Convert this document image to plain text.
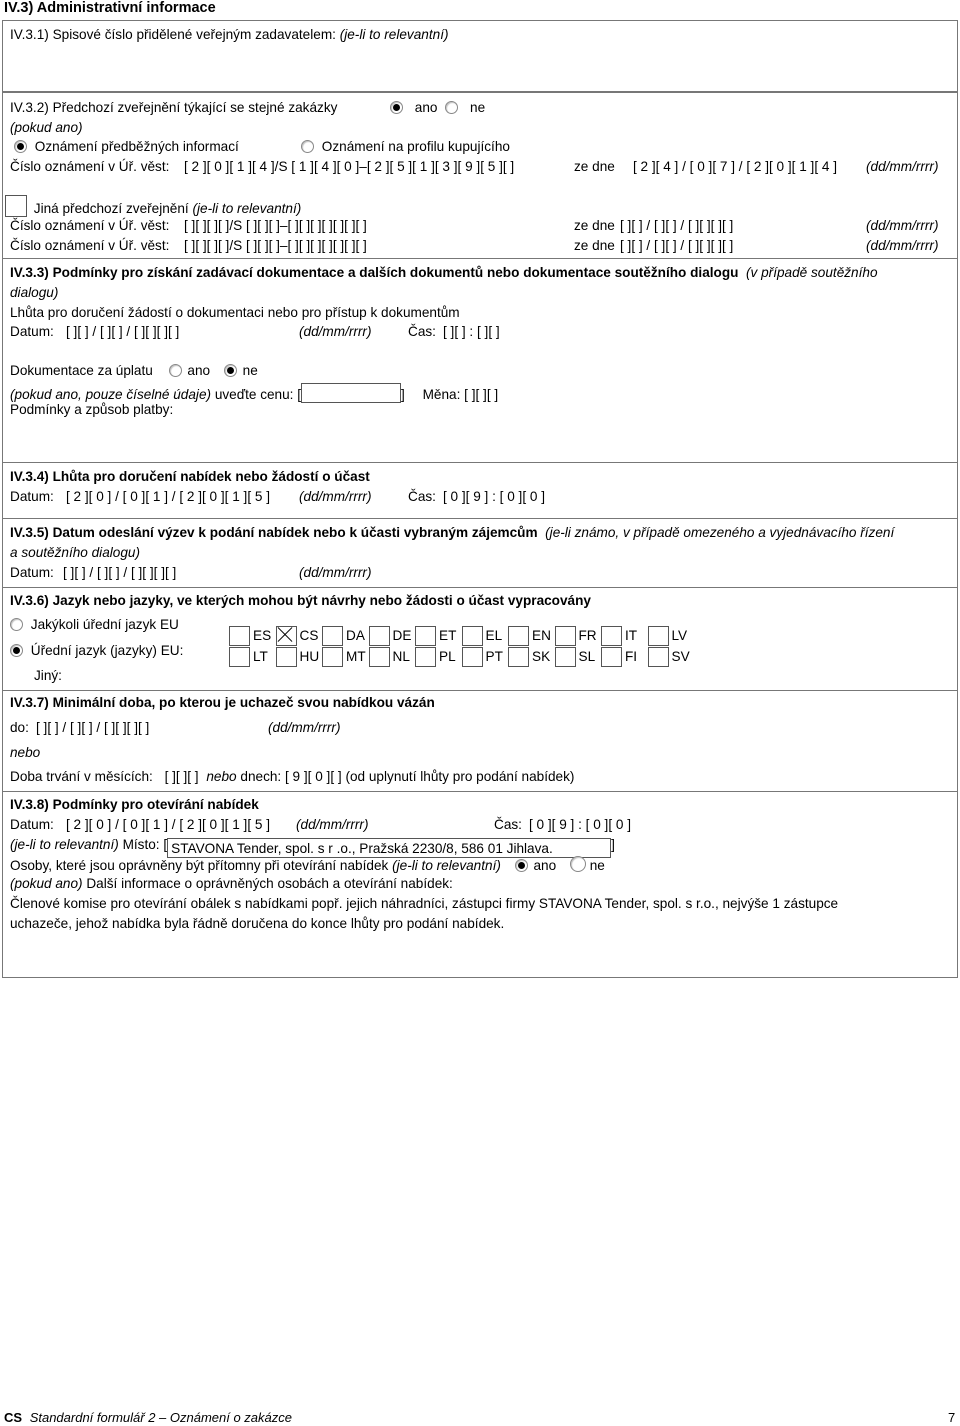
IV.3) Administrativní informace
IV.3.1) Spisové číslo přidělené veřejným zadavatelem: (je-li to relevantní)
IV.3.2) Předchozí zveřejnění týkající se stejné zakázky	ano ne
(pokud ano)
Oznámení předběžných informací	Oznámení na profilu kupujícího
Číslo oznámení v Úř. věst: [ 2 ][ 0 ][ 1 ][ 4 ]/S [ 1 ][ 4 ][ 0 ]–[ 2 ][ 5 ][ 1 ][ 3 ][ 9 ][ 5 ][ ]	ze dne [ 2 ][ 4 ] / [ 0 ][ 7 ] / [ 2 ][ 0 ][ 1 ][ 4 ] (dd/mm/rrrr)
Jiná předchozí zveřejnění (je-li to relevantní)
Číslo oznámení v Úř. věst: [ ][ ][ ][ ]/S [ ][ ][ ]–[ ][ ][ ][ ][ ][ ][ ]	ze dne [ ][ ] / [ ][ ] / [ ][ ][ ][ ]	(dd/mm/rrrr)
Číslo oznámení v Úř. věst: [ ][ ][ ][ ]/S [ ][ ][ ]–[ ][ ][ ][ ][ ][ ][ ]	ze dne [ ][ ] / [ ][ ] / [ ][ ][ ][ ]	(dd/mm/rrrr)
IV.3.3) Podmínky pro získání zadávací dokumentace a dalších dokumentů nebo dokumentace soutěžního dialogu (v případě soutěžního
dialogu)
Lhůta pro doručení žádostí o dokumentaci nebo pro přístup k dokumentům
Datum: [ ][ ] / [ ][ ] / [ ][ ][ ][ ]	(dd/mm/rrrr)	Čas: [ ][ ] : [ ][ ]
Dokumentace za úplatu	ano ne
(pokud ano, pouze číselné údaje) uveďte cenu: [	] Měna: [ ][ ][ ]
Podmínky a způsob platby:
IV.3.4) Lhůta pro doručení nabídek nebo žádostí o účast
Datum: [ 2 ][ 0 ] / [ 0 ][ 1 ] / [ 2 ][ 0 ][ 1 ][ 5 ] (dd/mm/rrrr)	Čas: [ 0 ][ 9 ] : [ 0 ][ 0 ]
IV.3.5) Datum odeslání výzev k podání nabídek nebo k účasti vybraným zájemcům (je-li známo, v případě omezeného a vyjednávacího řízení
a soutěžního dialogu)
Datum: [ ][ ] / [ ][ ] / [ ][ ][ ][ ]	(dd/mm/rrrr)
IV.3.6) Jazyk nebo jazyky, ve kterých mohou být návrhy nebo žádosti o účast vypracovány
Jakýkoli úřední jazyk EU
Úřední jazyk (jazyky) EU:
Jiný:
ES CS DA DE ET EL EN FR IT	LV
LT HU MT NL PL PT SK SL FI	SV
IV.3.7) Minimální doba, po kterou je uchazeč svou nabídkou vázán
do: [ ][ ] / [ ][ ] / [ ][ ][ ][ ]	(dd/mm/rrrr)
nebo
Doba trvání v měsících: [ ][ ][ ] nebo dnech: [ 9 ][ 0 ][ ] (od uplynutí lhůty pro podání nabídek)
IV.3.8) Podmínky pro otevírání nabídek
Datum: [ 2 ][ 0 ] / [ 0 ][ 1 ] / [ 2 ][ 0 ][ 1 ][ 5 ] (dd/mm/rrrr)	Čas: [ 0 ][ 9 ] : [ 0 ][ 0 ]
(je-li to relevantní) Místo: [ STAVONA Tender, spol. s r .o., Pražská 2230/8, 586 01 Jihlava.	]
Osoby, které jsou oprávněny být přítomny při otevírání nabídek (je-li to relevantní) ano ne
(pokud ano) Další informace o oprávněných osobách a otevírání nabídek:
Členové komise pro otevírání obálek s nabídkami popř. jejich náhradníci, zástupci firmy STAVONA Tender, spol. s r.o., nejvýše 1 zástupce
uchazeče, jehož nabídka byla řádně doručena do konce lhůty pro podání nabídek.
CS Standardní formulář 2 – Oznámení o zakázce	7
